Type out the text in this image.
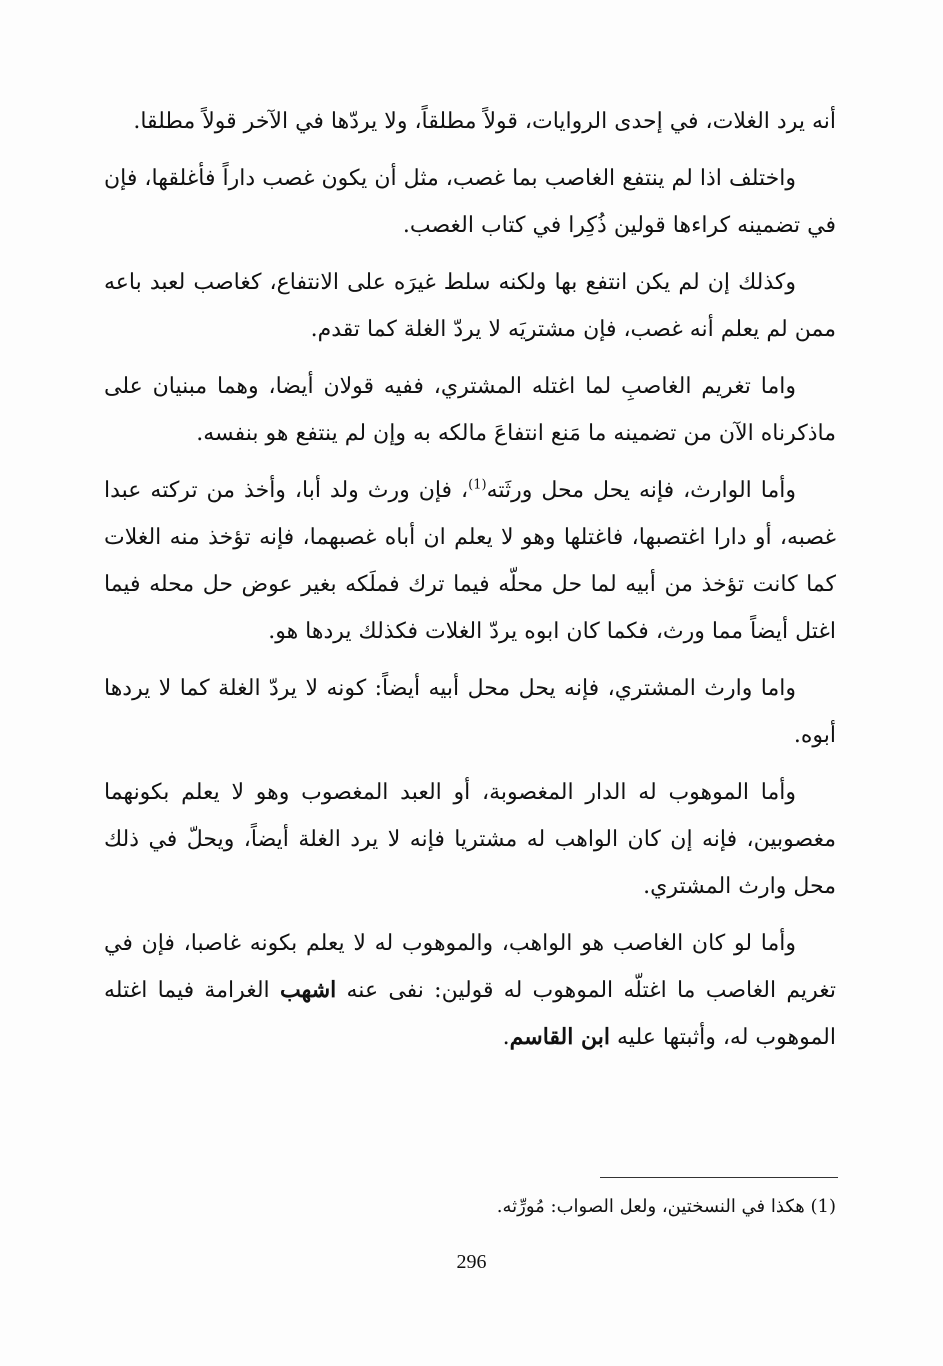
أنه يرد الغلات، في إحدى الروايات، قولاً مطلقاً، ولا يردّها في الآخر قولاً مطلقا.

واختلف اذا لم ينتفع الغاصب بما غصب، مثل أن يكون غصب داراً فأغلقها، فإن في تضمينه كراءها قولين ذُكِرا في كتاب الغصب.

وكذلك إن لم يكن انتفع بها ولكنه سلط غيرَه على الانتفاع، كغاصب لعبد باعه ممن لم يعلم أنه غصب، فإن مشتريَه لا يردّ الغلة كما تقدم.

واما تغريم الغاصبِ لما اغتله المشتري، ففيه قولان أيضا، وهما مبنيان على ماذكرناه الآن من تضمينه ما مَنع انتفاعَ مالكه به وإن لم ينتفع هو بنفسه.

وأما الوارث، فإنه يحل محل ورثَته$^{(1)}$، فإن ورث ولد أبا، وأخذ من تركته عبدا غصبه، أو دارا اغتصبها، فاغتلها وهو لا يعلم ان أباه غصبهما، فإنه تؤخذ منه الغلات كما كانت تؤخذ من أبيه لما حل محلّه فيما ترك فملَكه بغير عوض حل محله فيما اغتل أيضاً مما ورث، فكما كان ابوه يردّ الغلات فكذلك يردها هو.

واما وارث المشتري، فإنه يحل محل أبيه أيضاً: كونه لا يردّ الغلة كما لا يردها أبوه.

وأما الموهوب له الدار المغصوبة، أو العبد المغصوب وهو لا يعلم بكونهما مغصوبين، فإنه إن كان الواهب له مشتريا فإنه لا يرد الغلة أيضاً، ويحلّ في ذلك محل وارث المشتري.

وأما لو كان الغاصب هو الواهب، والموهوب له لا يعلم بكونه غاصبا، فإن في تغريم الغاصب ما اغتلّه الموهوب له قولين: نفى عنه اشهب الغرامة فيما اغتله الموهوب له، وأثبتها عليه ابن القاسم.

(1) هكذا في النسختين، ولعل الصواب: مُورِّثه.
296
